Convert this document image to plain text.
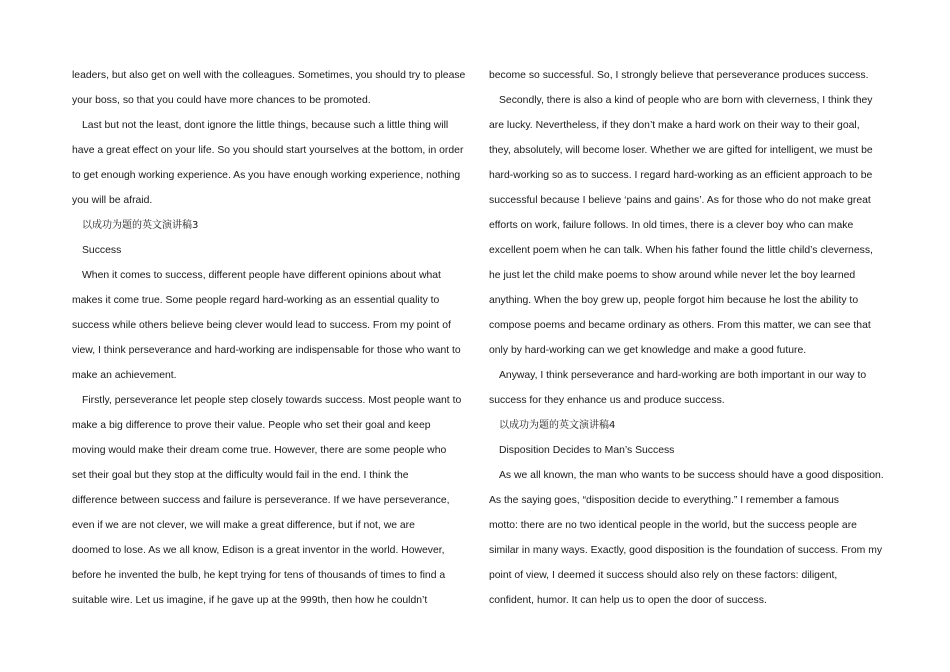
leaders, but also get on well with the colleagues. Sometimes, you should try to please
your boss, so that you could have more chances to be promoted.
Last but not the least, dont ignore the little things, because such a little thing will
have a great effect on your life. So you should start yourselves at the bottom, in order
to get enough working experience. As you have enough working experience, nothing
you will be afraid.
以成功为题的英文演讲稿3
Success
When it comes to success, different people have different opinions about what
makes it come true. Some people regard hard-working as an essential quality to
success while others believe being clever would lead to success. From my point of
view, I think perseverance and hard-working are indispensable for those who want to
make an achievement.
Firstly, perseverance let people step closely towards success. Most people want to
make a big difference to prove their value. People who set their goal and keep
moving would make their dream come true. However, there are some people who
set their goal but they stop at the difficulty would fail in the end. I think the
difference between success and failure is perseverance. If we have perseverance,
even if we are not clever, we will make a great difference, but if not, we are
doomed to lose. As we all know, Edison is a great inventor in the world. However,
before he invented the bulb, he kept trying for tens of thousands of times to find a
suitable wire. Let us imagine, if he gave up at the 999th, then how he couldn’t
become so successful. So, I strongly believe that perseverance produces success.
Secondly, there is also a kind of people who are born with cleverness, I think they
are lucky. Nevertheless, if they don’t make a hard work on their way to their goal,
they, absolutely, will become loser. Whether we are gifted for intelligent, we must be
hard-working so as to success. I regard hard-working as an efficient approach to be
successful because I believe ‘pains and gains’. As for those who do not make great
efforts on work, failure follows. In old times, there is a clever boy who can make
excellent poem when he can talk. When his father found the little child’s cleverness,
he just let the child make poems to show around while never let the boy learned
anything. When the boy grew up, people forgot him because he lost the ability to
compose poems and became ordinary as others. From this matter, we can see that
only by hard-working can we get knowledge and make a good future.
Anyway, I think perseverance and hard-working are both important in our way to
success for they enhance us and produce success.
以成功为题的英文演讲稿4
Disposition Decides to Man’s Success
As we all known, the man who wants to be success should have a good disposition.
As the saying goes, “disposition decide to everything.” I remember a famous
motto: there are no two identical people in the world, but the success people are
similar in many ways. Exactly, good disposition is the foundation of success. From my
point of view, I deemed it success should also rely on these factors: diligent,
confident, humor. It can help us to open the door of success.
